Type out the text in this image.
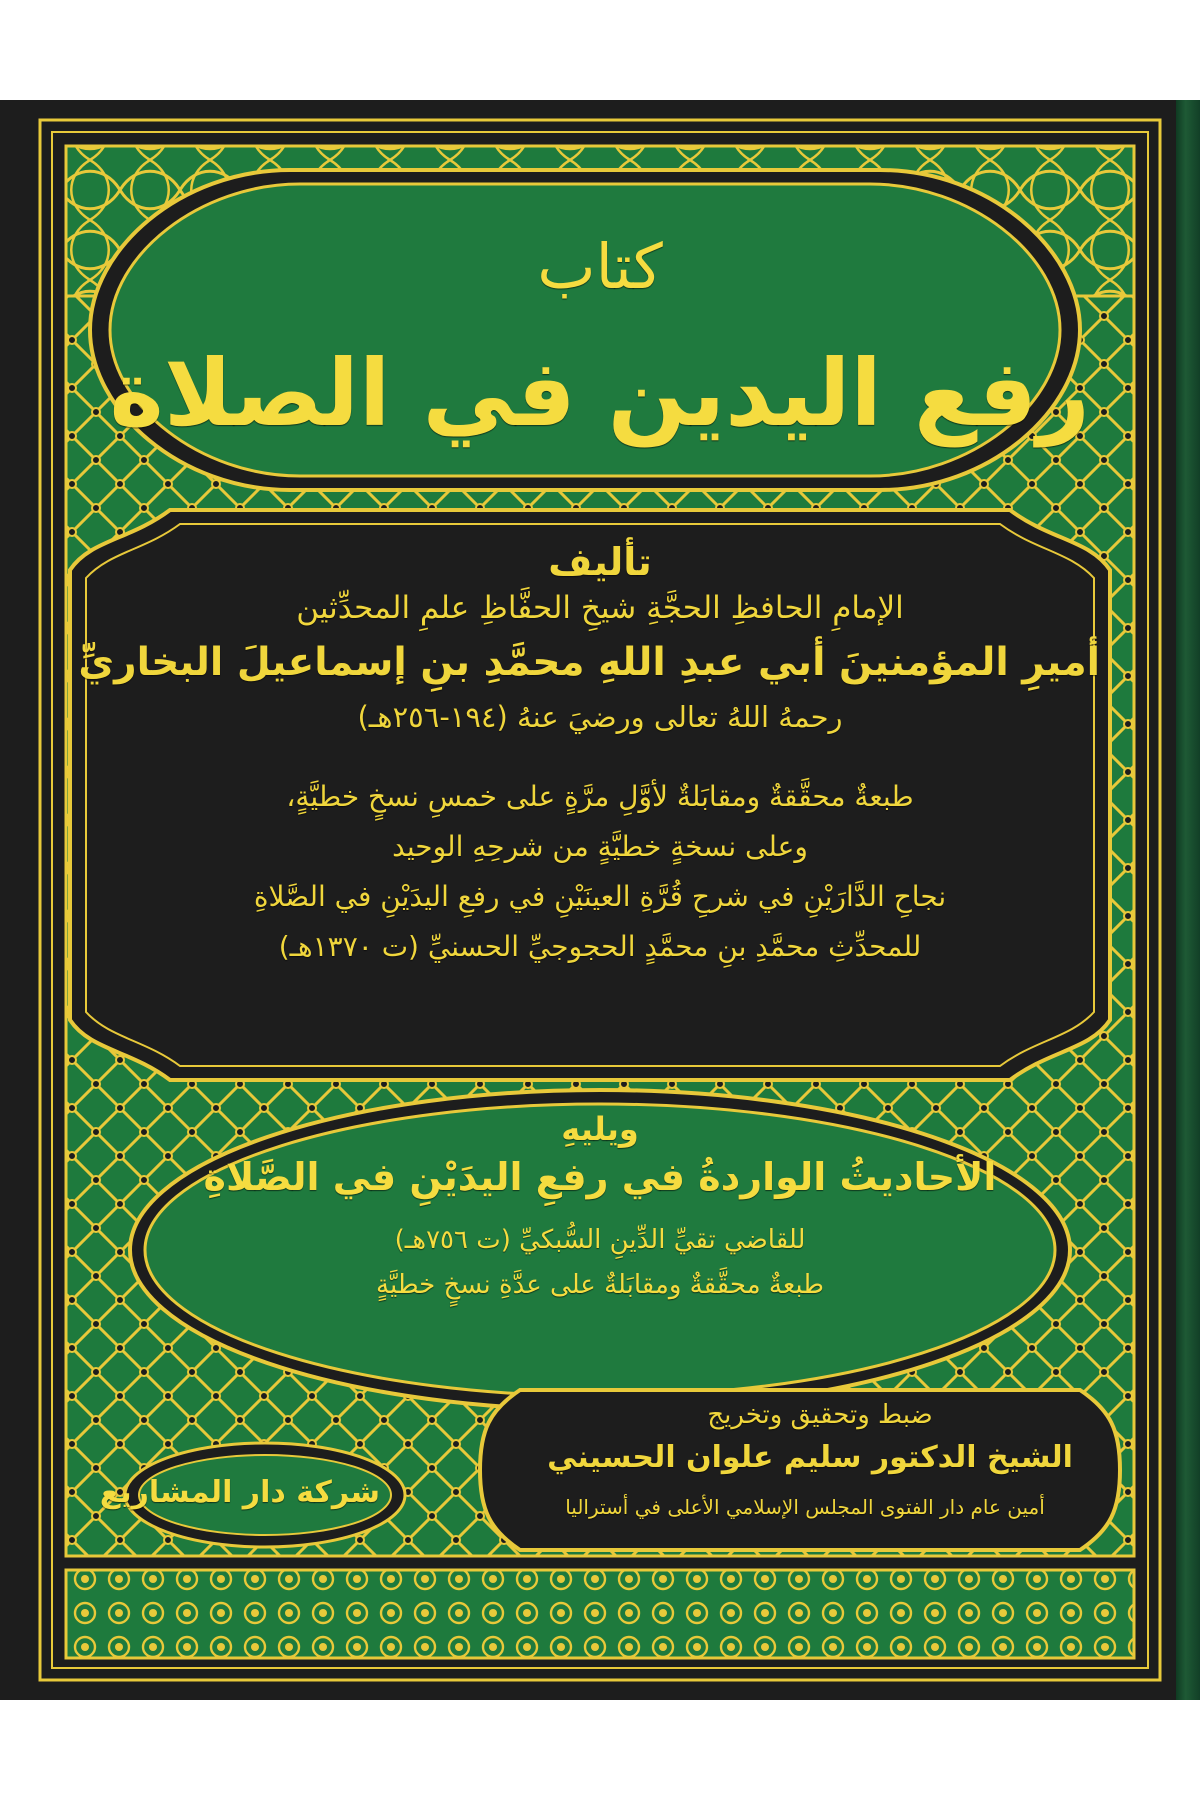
كتاب
رفع اليدين في الصلاة
تأليف
الإمامِ الحافظِ الحجَّةِ شيخِ الحفَّاظِ علمِ المحدِّثين
أميرِ المؤمنينَ أبي عبدِ اللهِ محمَّدِ بنِ إسماعيلَ البخاريِّ
رحمهُ اللهُ تعالى ورضيَ عنهُ (١٩٤-٢٥٦هـ)
طبعةٌ محقَّقةٌ ومقابَلةٌ لأوَّلِ مرَّةٍ على خمسِ نسخٍ خطيَّةٍ،
وعلى نسخةٍ خطيَّةٍ من شرحِهِ الوحيد
نجاحِ الدَّارَيْنِ في شرحِ قُرَّةِ العينَيْنِ في رفعِ اليدَيْنِ في الصَّلاةِ
للمحدِّثِ محمَّدِ بنِ محمَّدٍ الحجوجيِّ الحسنيِّ (ت ١٣٧٠هـ)
ويليهِ
الأحاديثُ الواردةُ في رفعِ اليدَيْنِ في الصَّلاةِ
للقاضي تقيِّ الدِّينِ السُّبكيِّ (ت ٧٥٦هـ)
طبعةٌ محقَّقةٌ ومقابَلةٌ على عدَّةِ نسخٍ خطيَّةٍ
ضبط وتحقيق وتخريج
الشيخ الدكتور سليم علوان الحسيني
أمين عام دار الفتوى المجلس الإسلامي الأعلى في أستراليا
شركة دار المشاريع
